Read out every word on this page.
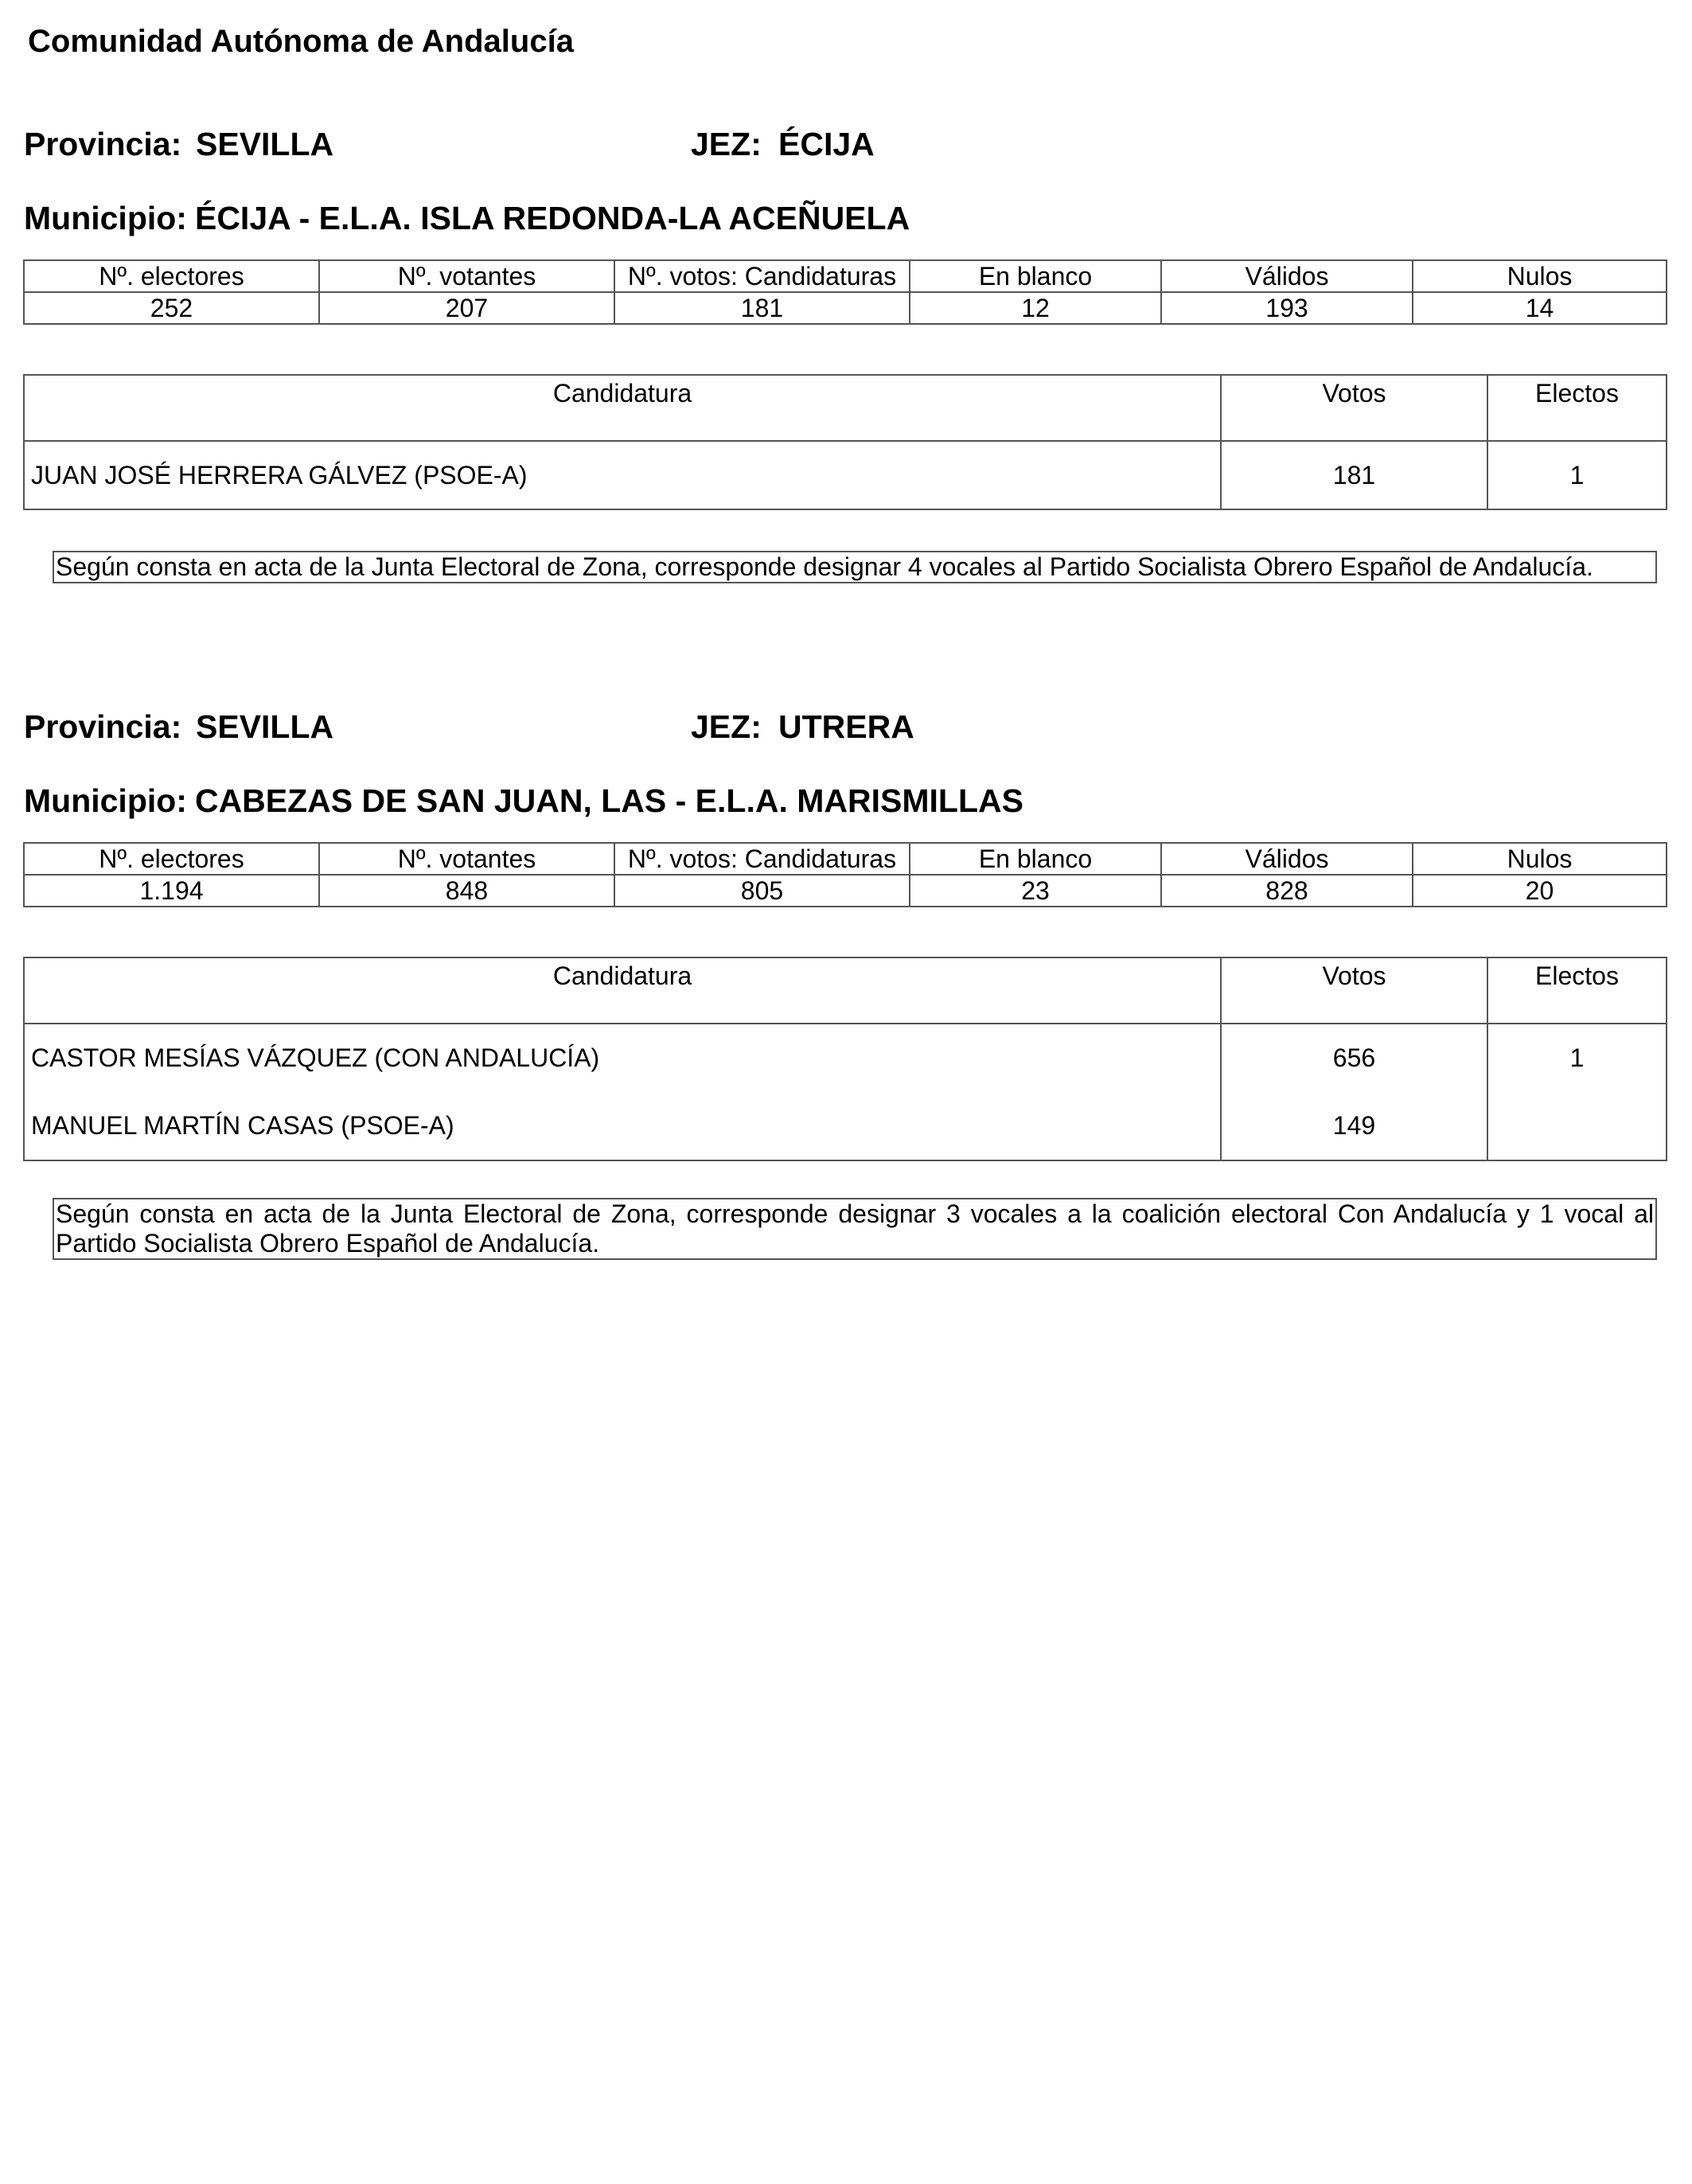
Comunidad Autónoma de Andalucía
Provincia: SEVILLA	JEZ: ÉCIJA
Municipio: ÉCIJA - E.L.A. ISLA REDONDA-LA ACEÑUELA
Nº. electores	Nº. votantes	Nº. votos: Candidaturas	En blanco	Válidos	Nulos
252	207	181	12	193	14
Candidatura	Votos	Electos
JUAN JOSÉ HERRERA GÁLVEZ (PSOE-A)	181	1
Según consta en acta de la Junta Electoral de Zona, corresponde designar 4 vocales al Partido Socialista Obrero Español de Andalucía.
Provincia: SEVILLA	JEZ: UTRERA
Municipio: CABEZAS DE SAN JUAN, LAS - E.L.A. MARISMILLAS
Nº. electores	Nº. votantes	Nº. votos: Candidaturas	En blanco	Válidos	Nulos
1.194	848	805	23	828	20
Candidatura	Votos	Electos
CASTOR MESÍAS VÁZQUEZ (CON ANDALUCÍA)	656	1
MANUEL MARTÍN CASAS (PSOE-A)	149	
Según consta en acta de la Junta Electoral de Zona, corresponde designar 3 vocales a la coalición electoral Con Andalucía y 1 vocal al Partido Socialista Obrero Español de Andalucía.
